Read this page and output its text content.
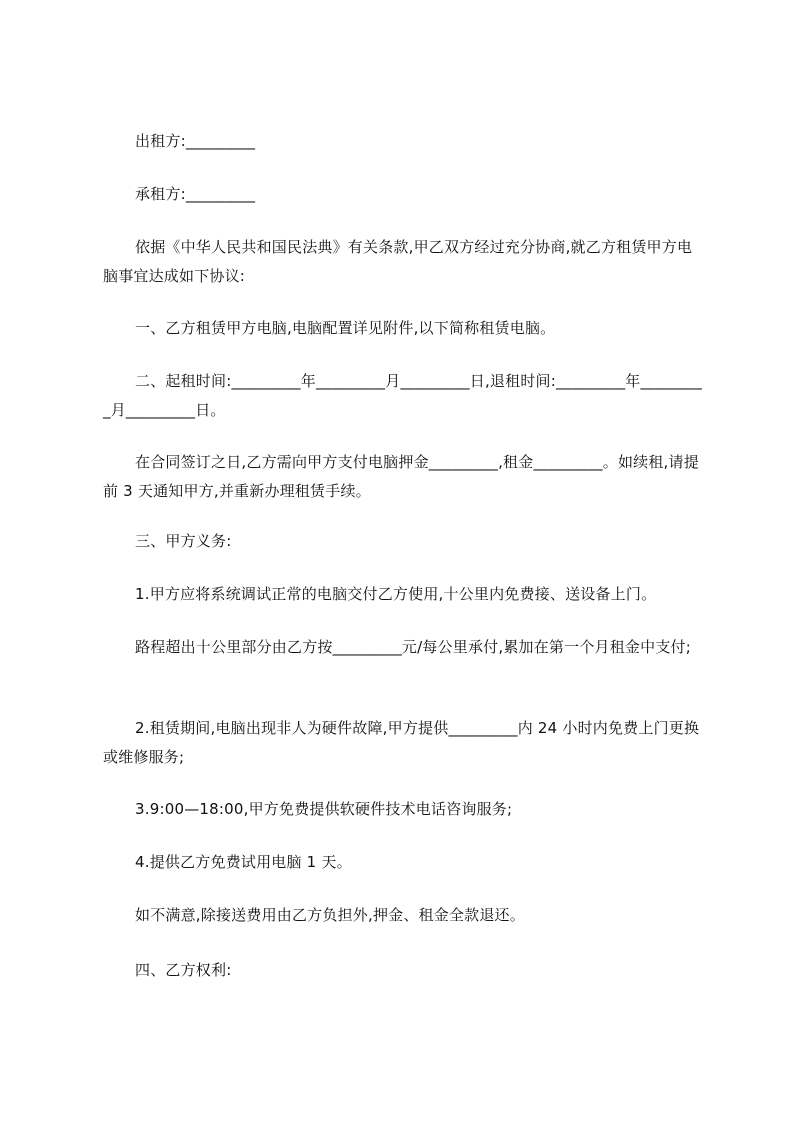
出租方:_________
承租方:_________
依据《中华人民共和国民法典》有关条款,甲乙双方经过充分协商,就乙方租赁甲方电脑事宜达成如下协议:
一、乙方租赁甲方电脑,电脑配置详见附件,以下简称租赁电脑。
二、起租时间:_________年_________月_________日,退租时间:_________年_________月_________日。
在合同签订之日,乙方需向甲方支付电脑押金_________,租金_________。如续租,请提前 3 天通知甲方,并重新办理租赁手续。
三、甲方义务:
1.甲方应将系统调试正常的电脑交付乙方使用,十公里内免费接、送设备上门。
路程超出十公里部分由乙方按_________元/每公里承付,累加在第一个月租金中支付;
2.租赁期间,电脑出现非人为硬件故障,甲方提供_________内 24 小时内免费上门更换或维修服务;
3.9:00—18:00,甲方免费提供软硬件技术电话咨询服务;
4.提供乙方免费试用电脑 1 天。
如不满意,除接送费用由乙方负担外,押金、租金全款退还。
四、乙方权利:
